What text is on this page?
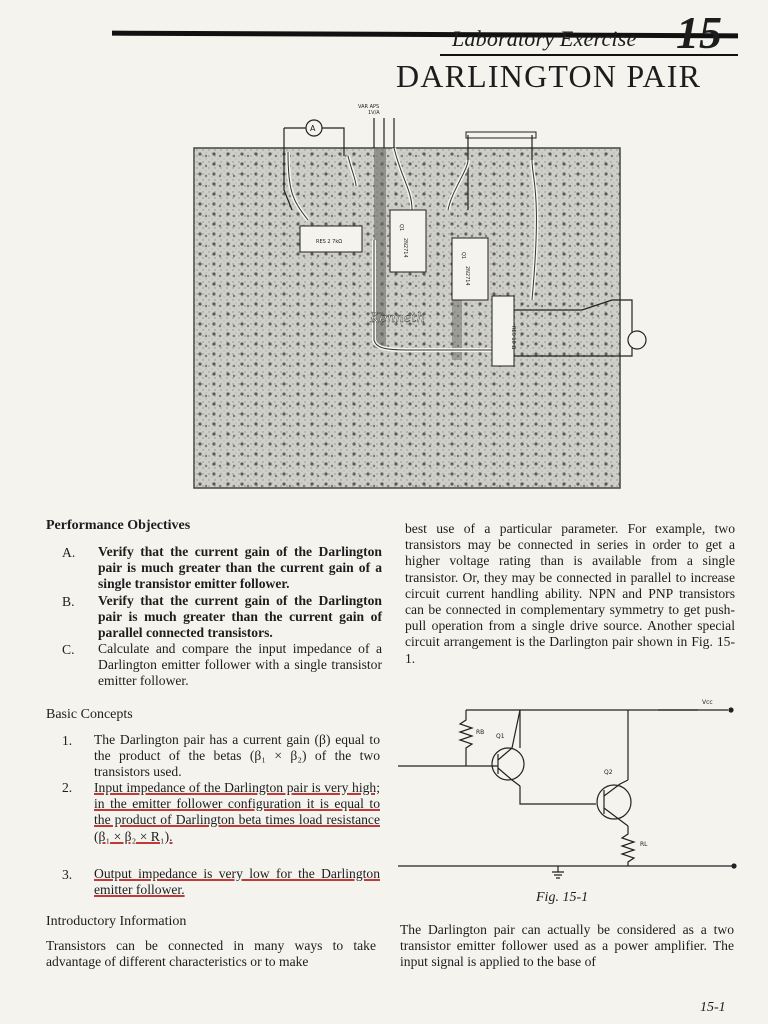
Laboratory Exercise 15
DARLINGTON PAIR
A
VAR APS
1V/A
RES 2 7kΩ
Q1
2N2714	Q1
2N2714
RES 10 Ω
Kenneth
Performance Objectives
A. Verify that the current gain of the Darlington pair is much greater than the current gain of a single transistor emitter follower.
B. Verify that the current gain of the Darlington pair is much greater than the current gain of parallel connected transistors.
C. Calculate and compare the input impedance of a Darlington emitter follower with a single transistor emitter follower.
Basic Concepts
1. The Darlington pair has a current gain (β) equal to the product of the betas (β₁ × β₂) of the two transistors used.
2. Input impedance of the Darlington pair is very high; in the emitter follower configuration it is equal to the product of Darlington beta times load resistance (β₁ × β₂ × R₁).
3. Output impedance is very low for the Darlington emitter follower.
Introductory Information
Transistors can be connected in many ways to take advantage of different characteristics or to make
best use of a particular parameter. For example, two transistors may be connected in series in order to get a higher voltage rating than is available from a single transistor. Or, they may be connected in parallel to increase circuit current handling ability. NPN and PNP transistors can be connected in complementary symmetry to get push-pull operation from a single drive source. Another special circuit arrangement is the Darlington pair shown in Fig. 15-1.
Vcc
RB
Q1
Q2
RL
Fig. 15-1
The Darlington pair can actually be considered as a two transistor emitter follower used as a power amplifier. The input signal is applied to the base of
15-1
